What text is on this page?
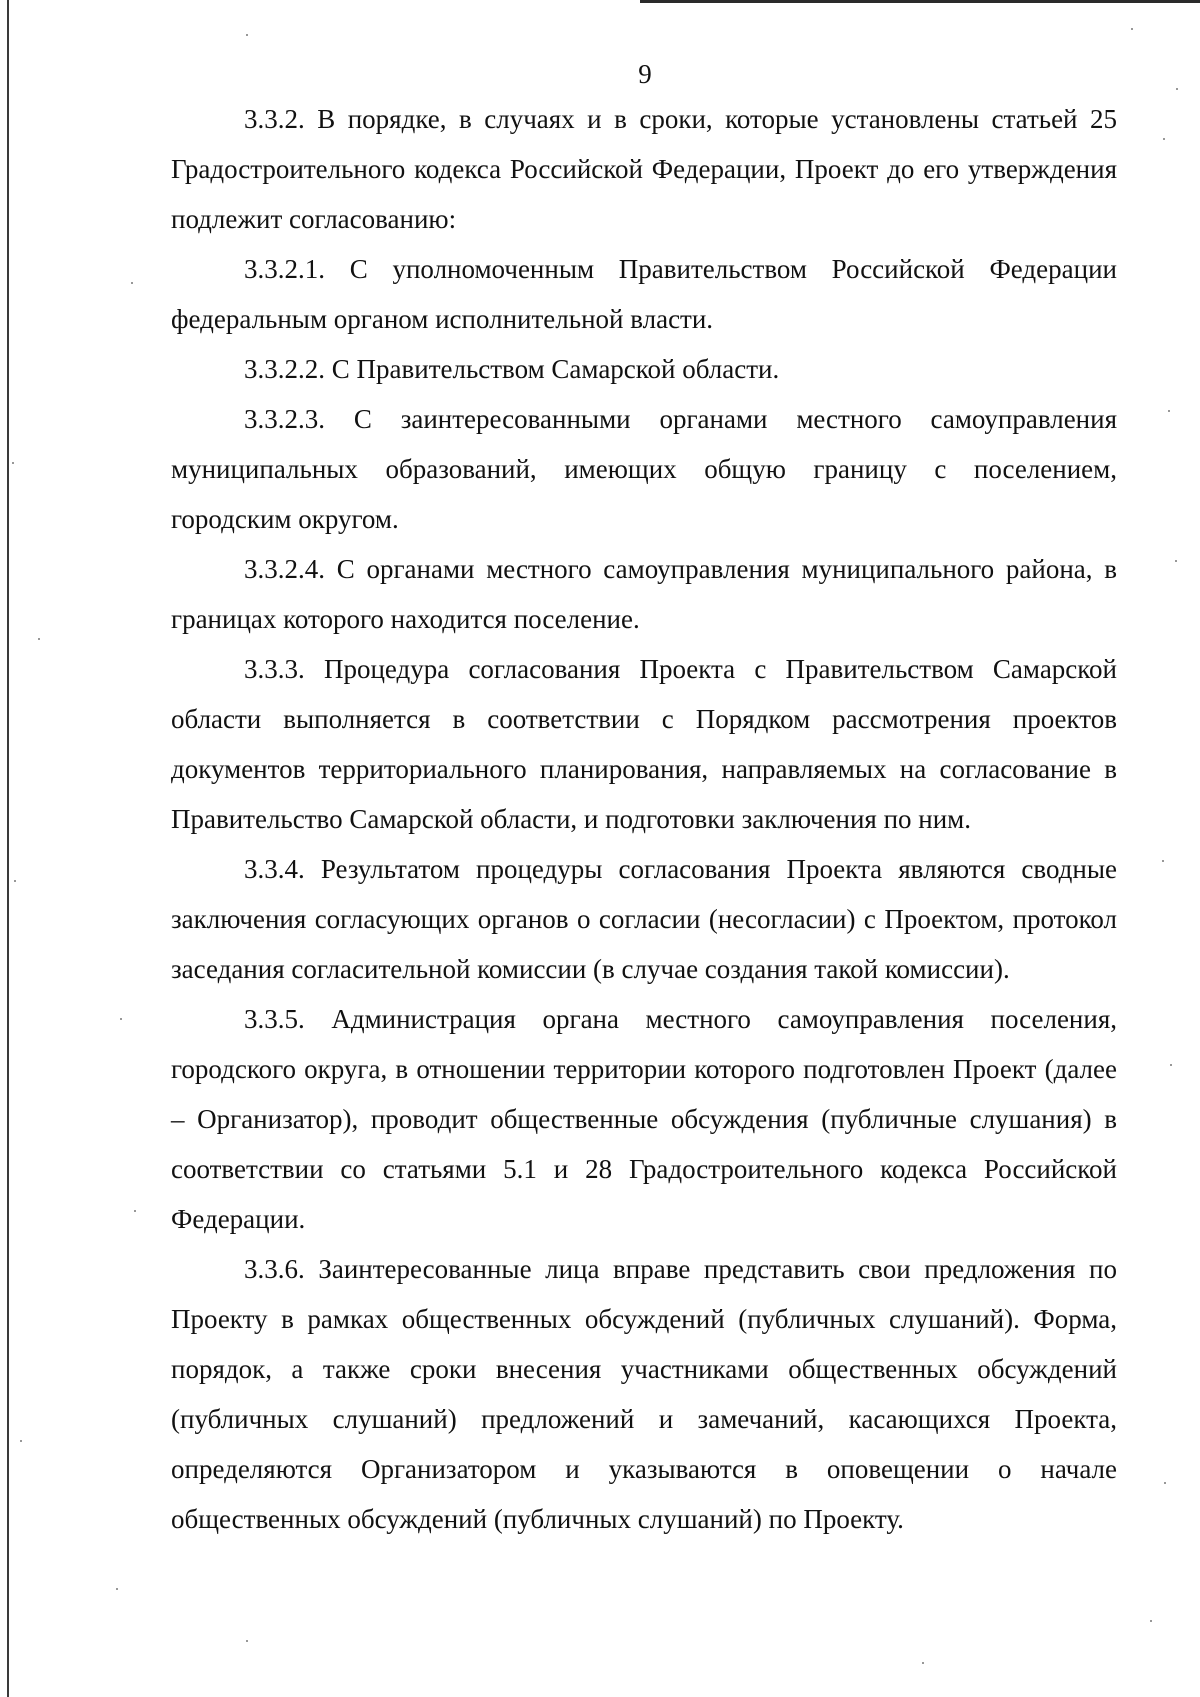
9

3.3.2. В порядке, в случаях и в сроки, которые установлены статьей 25 Градостроительного кодекса Российской Федерации, Проект до его утверждения подлежит согласованию:

3.3.2.1. С уполномоченным Правительством Российской Федерации федеральным органом исполнительной власти.

3.3.2.2. С Правительством Самарской области.

3.3.2.3. С заинтересованными органами местного самоуправления муниципальных образований, имеющих общую границу с поселением, городским округом.

3.3.2.4. С органами местного самоуправления муниципального района, в границах которого находится поселение.

3.3.3. Процедура согласования Проекта с Правительством Самарской области выполняется в соответствии с Порядком рассмотрения проектов документов территориального планирования, направляемых на согласование в Правительство Самарской области, и подготовки заключения по ним.

3.3.4. Результатом процедуры согласования Проекта являются сводные заключения согласующих органов о согласии (несогласии) с Проектом, протокол заседания согласительной комиссии (в случае создания такой комиссии).

3.3.5. Администрация органа местного самоуправления поселения, городского округа, в отношении территории которого подготовлен Проект (далее – Организатор), проводит общественные обсуждения (публичные слушания) в соответствии со статьями 5.1 и 28 Градостроительного кодекса Российской Федерации.

3.3.6. Заинтересованные лица вправе представить свои предложения по Проекту в рамках общественных обсуждений (публичных слушаний). Форма, порядок, а также сроки внесения участниками общественных обсуждений (публичных слушаний) предложений и замечаний, касающихся Проекта, определяются Организатором и указываются в оповещении о начале общественных обсуждений (публичных слушаний) по Проекту.
